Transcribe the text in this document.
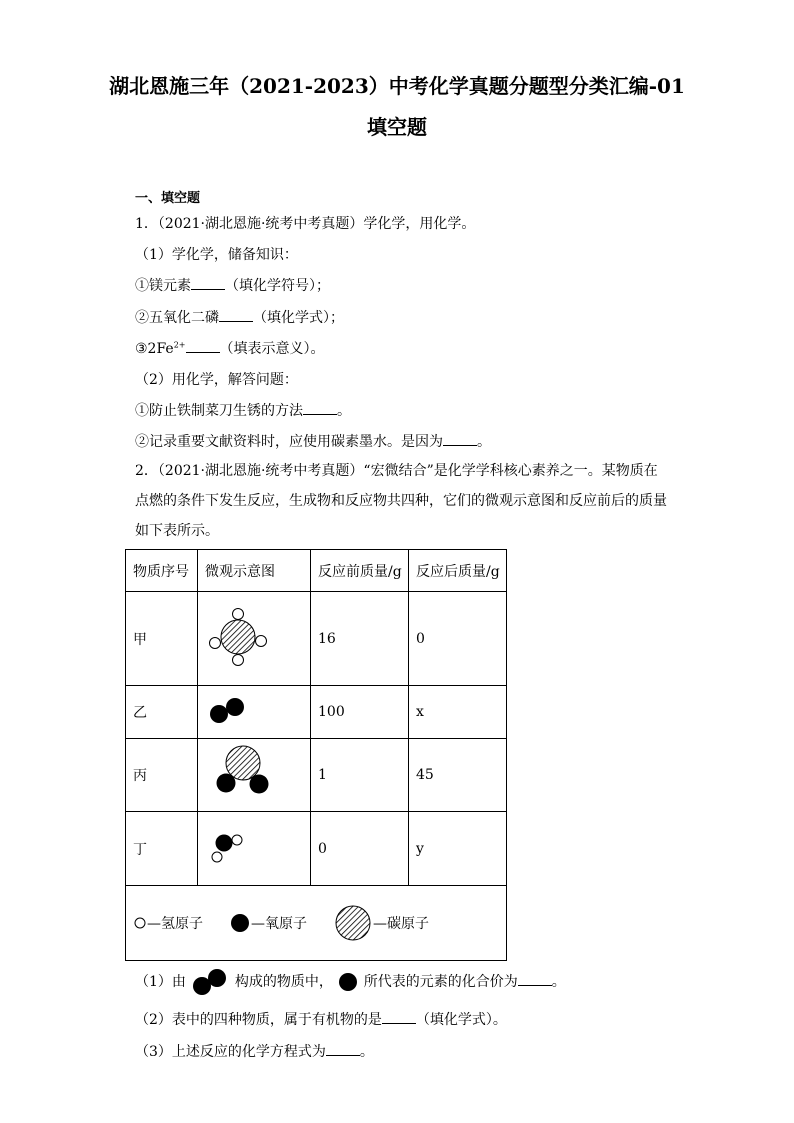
湖北恩施三年（2021-2023）中考化学真题分题型分类汇编-01
填空题
一、填空题
1．（2021·湖北恩施·统考中考真题）学化学，用化学。
（1）学化学，储备知识：
①镁元素 （填化学符号）；
②五氧化二磷 （填化学式）；
$③2Fe^{2+}$ （填表示意义）。
（2）用化学，解答问题：
①防止铁制菜刀生锈的方法 。
②记录重要文献资料时，应使用碳素墨水。是因为 。
2．（2021·湖北恩施·统考中考真题）“宏微结合”是化学学科核心素养之一。某物质在点燃的条件下发生反应，生成物和反应物共四种，它们的微观示意图和反应前后的质量如下表所示。
物质序号	微观示意图	反应前质量/g	反应后质量/g
甲		16	0
乙		100	x
丙		1	45
丁		0	y

—氢原子 —氧原子 —碳原子			
（1）由	构成的物质中， 所代表的元素的化合价为 。
（2）表中的四种物质，属于有机物的是 （填化学式）。
（3）上述反应的化学方程式为 。
